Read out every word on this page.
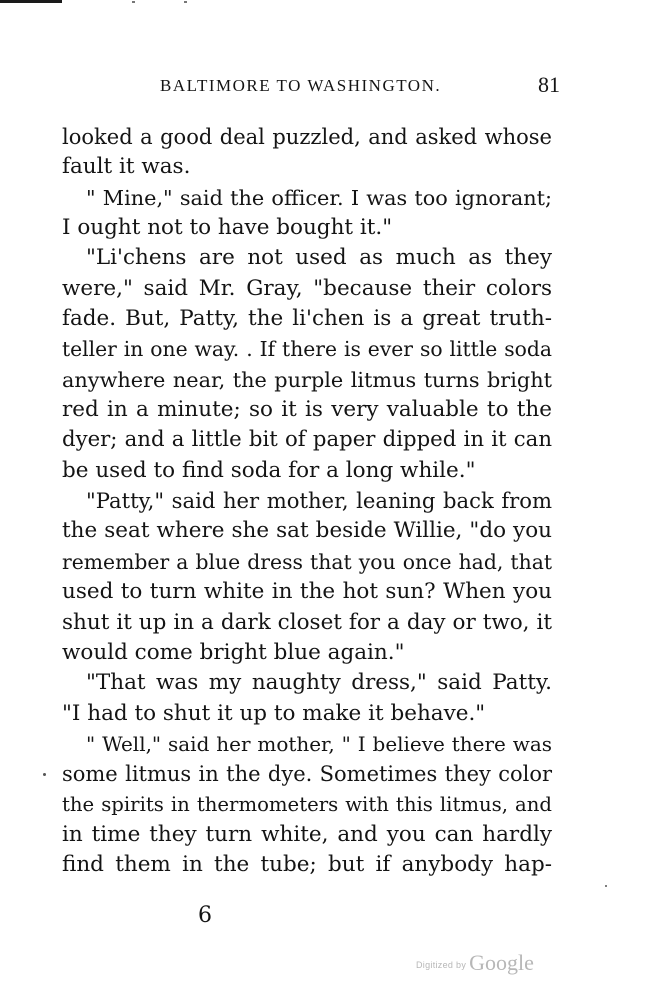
BALTIMORE TO WASHINGTON.	81
looked a good deal puzzled, and asked whose
fault it was.
" Mine," said the officer. I was too ignorant;
I ought not to have bought it."
"Li'chens are not used as much as they
were," said Mr. Gray, "because their colors
fade. But, Patty, the li'chen is a great truth-
teller in one way. . If there is ever so little soda
anywhere near, the purple litmus turns bright
red in a minute; so it is very valuable to the
dyer; and a little bit of paper dipped in it can
be used to find soda for a long while."
"Patty," said her mother, leaning back from
the seat where she sat beside Willie, "do you
remember a blue dress that you once had, that
used to turn white in the hot sun? When you
shut it up in a dark closet for a day or two, it
would come bright blue again."
"That was my naughty dress," said Patty.
"I had to shut it up to make it behave."
" Well," said her mother, " I believe there was
some litmus in the dye. Sometimes they color
the spirits in thermometers with this litmus, and
in time they turn white, and you can hardly
find them in the tube; but if anybody hap-
6
Digitized by Google
